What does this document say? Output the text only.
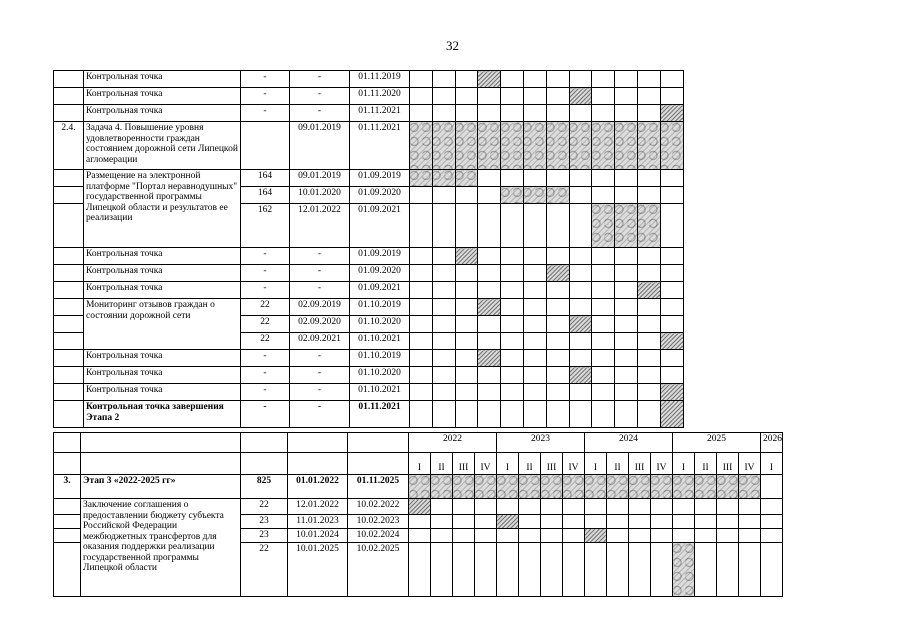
32
	Контрольная точка	-	-	01.11.2019												
	Контрольная точка	-	-	01.11.2020												
	Контрольная точка	-	-	01.11.2021												
2.4.	Задача 4. Повышение уровня удовлетворенности граждан состоянием дорожной сети Липецкой агломерации		09.01.2019	01.11.2021												
	Размещение на электронной платформе "Портал неравнодушных" государственной программы Липецкой области и результатов ее реализации	164	09.01.2019	01.09.2019												
		164	10.01.2020	01.09.2020												
		162	12.01.2022	01.09.2021												
	Контрольная точка	-	-	01.09.2019												
	Контрольная точка	-	-	01.09.2020												
	Контрольная точка	-	-	01.09.2021												
	Мониторинг отзывов граждан о состоянии дорожной сети	22	02.09.2019	01.10.2019												
		22	02.09.2020	01.10.2020												
		22	02.09.2021	01.10.2021												
	Контрольная точка	-	-	01.10.2019												
	Контрольная точка	-	-	01.10.2020												
	Контрольная точка	-	-	01.10.2021												
	Контрольная точка завершения Этапа 2	-	-	01.11.2021												
					2022				2023				2024				2025				2026
					I	II	III	IV	I	II	III	IV	I	II	III	IV	I	II	III	IV	I
3.	Этап 3 «2022-2025 гг»	825	01.01.2022	01.11.2025																	
	Заключение соглашения о предоставлении бюджету субъекта Российской Федерации межбюджетных трансфертов для оказания поддержки реализации государственной программы Липецкой области	22	12.01.2022	10.02.2022																	
		23	11.01.2023	10.02.2023																	
		23	10.01.2024	10.02.2024																	
		22	10.01.2025	10.02.2025																	
